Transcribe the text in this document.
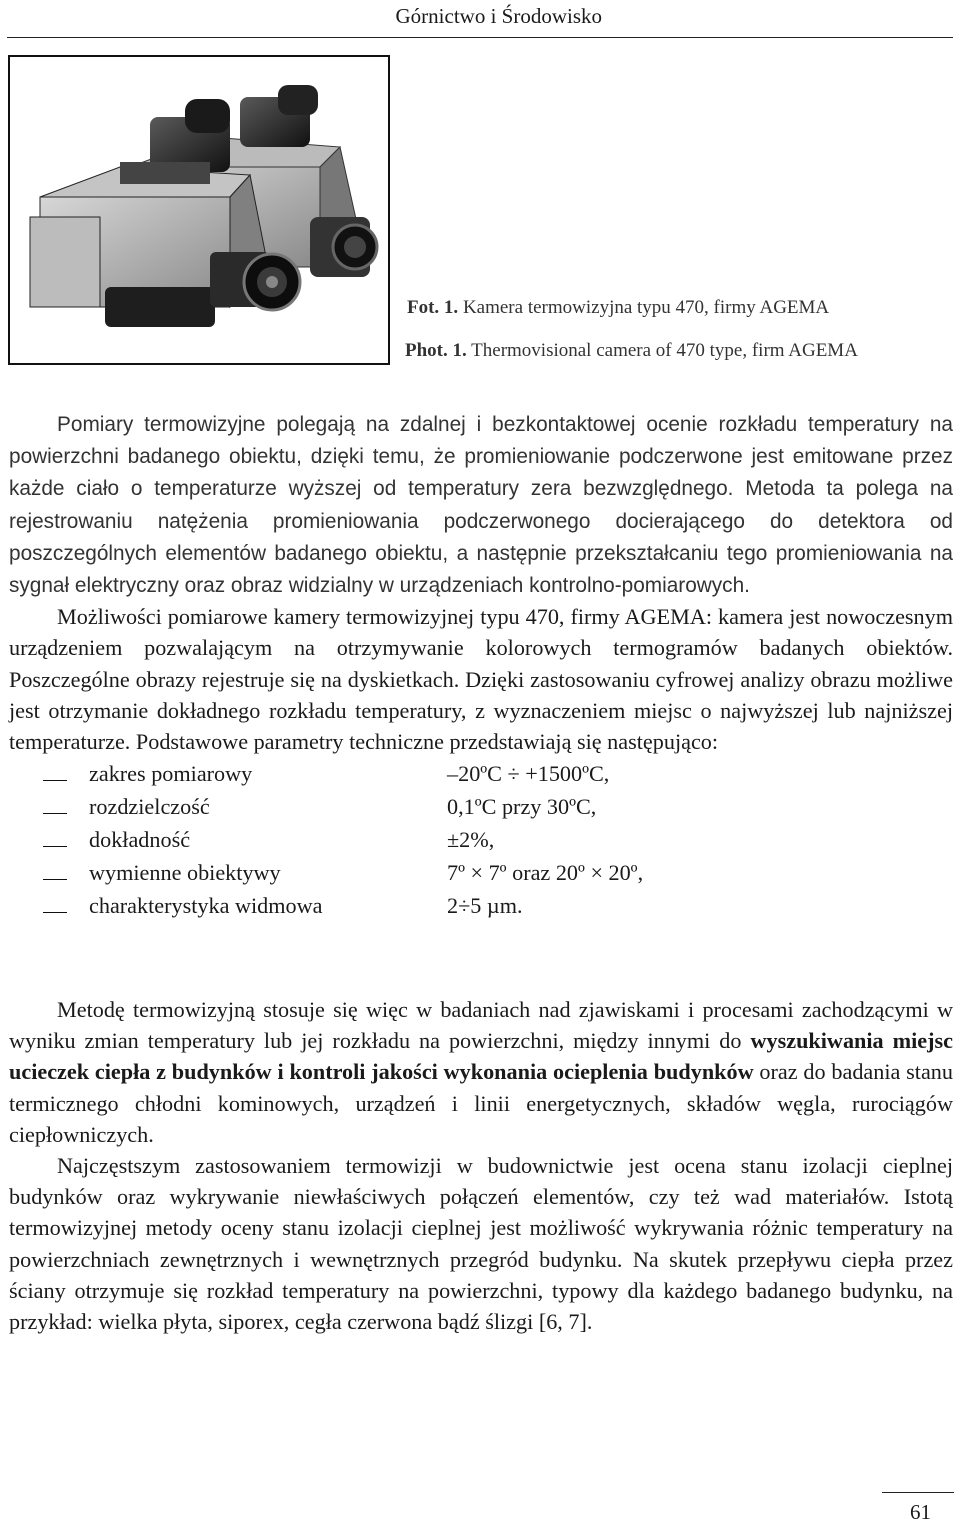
Górnictwo i Środowisko
Fot. 1. Kamera termowizyjna typu 470, firmy AGEMA
Phot. 1. Thermovisional camera of 470 type, firm AGEMA

Pomiary termowizyjne polegają na zdalnej i bezkontaktowej ocenie rozkładu temperatury na powierzchni badanego obiektu, dzięki temu, że promieniowanie podczerwone jest emitowane przez każde ciało o temperaturze wyższej od temperatury zera bezwzględnego. Metoda ta polega na rejestrowaniu natężenia promieniowania podczerwonego docierającego do detektora od poszczególnych elementów badanego obiektu, a następnie przekształcaniu tego promieniowania na sygnał elektryczny oraz obraz widzialny w urządzeniach kontrolno-pomiarowych.

Możliwości pomiarowe kamery termowizyjnej typu 470, firmy AGEMA: kamera jest nowoczesnym urządzeniem pozwalającym na otrzymywanie kolorowych termogramów badanych obiektów. Poszczególne obrazy rejestruje się na dyskietkach. Dzięki zastosowaniu cyfrowej analizy obrazu możliwe jest otrzymanie dokładnego rozkładu temperatury, z wyznaczeniem miejsc o najwyższej lub najniższej temperaturze. Podstawowe parametry techniczne przedstawiają się następująco:

zakres pomiarowy	–20ºC ÷ +1500ºC,
rozdzielczość	0,1ºC przy 30ºC,
dokładność	±2%,
wymienne obiektywy	7º × 7º oraz 20º × 20º,
charakterystyka widmowa	2÷5 µm.

Metodę termowizyjną stosuje się więc w badaniach nad zjawiskami i procesami zachodzącymi w wyniku zmian temperatury lub jej rozkładu na powierzchni, między innymi do wyszukiwania miejsc ucieczek ciepła z budynków i kontroli jakości wykonania ocieplenia budynków oraz do badania stanu termicznego chłodni kominowych, urządzeń i linii energetycznych, składów węgla, rurociągów ciepłowniczych.

Najczęstszym zastosowaniem termowizji w budownictwie jest ocena stanu izolacji cieplnej budynków oraz wykrywanie niewłaściwych połączeń elementów, czy też wad materiałów. Istotą termowizyjnej metody oceny stanu izolacji cieplnej jest możliwość wykrywania różnic temperatury na powierzchniach zewnętrznych i wewnętrznych przegród budynku. Na skutek przepływu ciepła przez ściany otrzymuje się rozkład temperatury na powierzchni, typowy dla każdego badanego budynku, na przykład: wielka płyta, siporex, cegła czerwona bądź ślizgi [6, 7].

61
